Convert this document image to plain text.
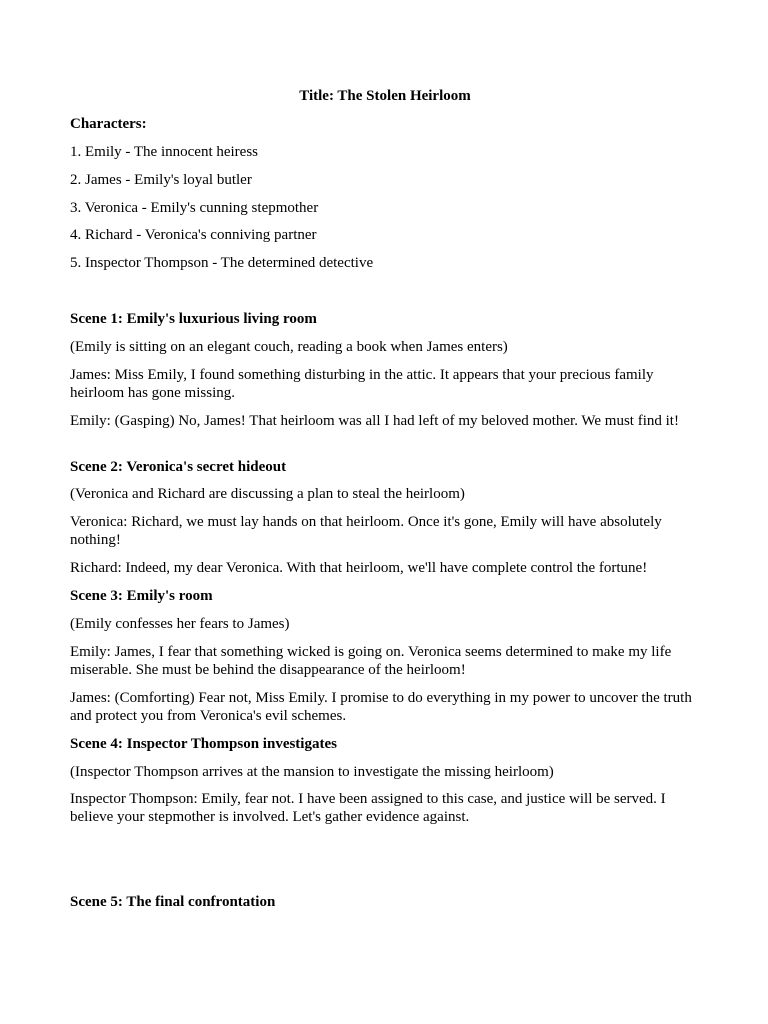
Title: The Stolen Heirloom
Characters:
1. Emily - The innocent heiress
2. James - Emily's loyal butler
3. Veronica - Emily's cunning stepmother
4. Richard - Veronica's conniving partner
5. Inspector Thompson - The determined detective
Scene 1: Emily's luxurious living room
(Emily is sitting on an elegant couch, reading a book when James enters)
James: Miss Emily, I found something disturbing in the attic. It appears that your precious family heirloom has gone missing.
Emily: (Gasping) No, James! That heirloom was all I had left of my beloved mother. We must find it!
Scene 2: Veronica's secret hideout
(Veronica and Richard are discussing a plan to steal the heirloom)
Veronica: Richard, we must lay hands on that heirloom. Once it's gone, Emily will have absolutely nothing!
Richard: Indeed, my dear Veronica. With that heirloom, we'll have complete control the fortune!
Scene 3: Emily's room
(Emily confesses her fears to James)
Emily: James, I fear that something wicked is going on. Veronica seems determined to make my life miserable. She must be behind the disappearance of the heirloom!
James: (Comforting) Fear not, Miss Emily. I promise to do everything in my power to uncover the truth and protect you from Veronica's evil schemes.
Scene 4: Inspector Thompson investigates
(Inspector Thompson arrives at the mansion to investigate the missing heirloom)
Inspector Thompson: Emily, fear not. I have been assigned to this case, and justice will be served. I believe your stepmother is involved. Let's gather evidence against.
Scene 5: The final confrontation
